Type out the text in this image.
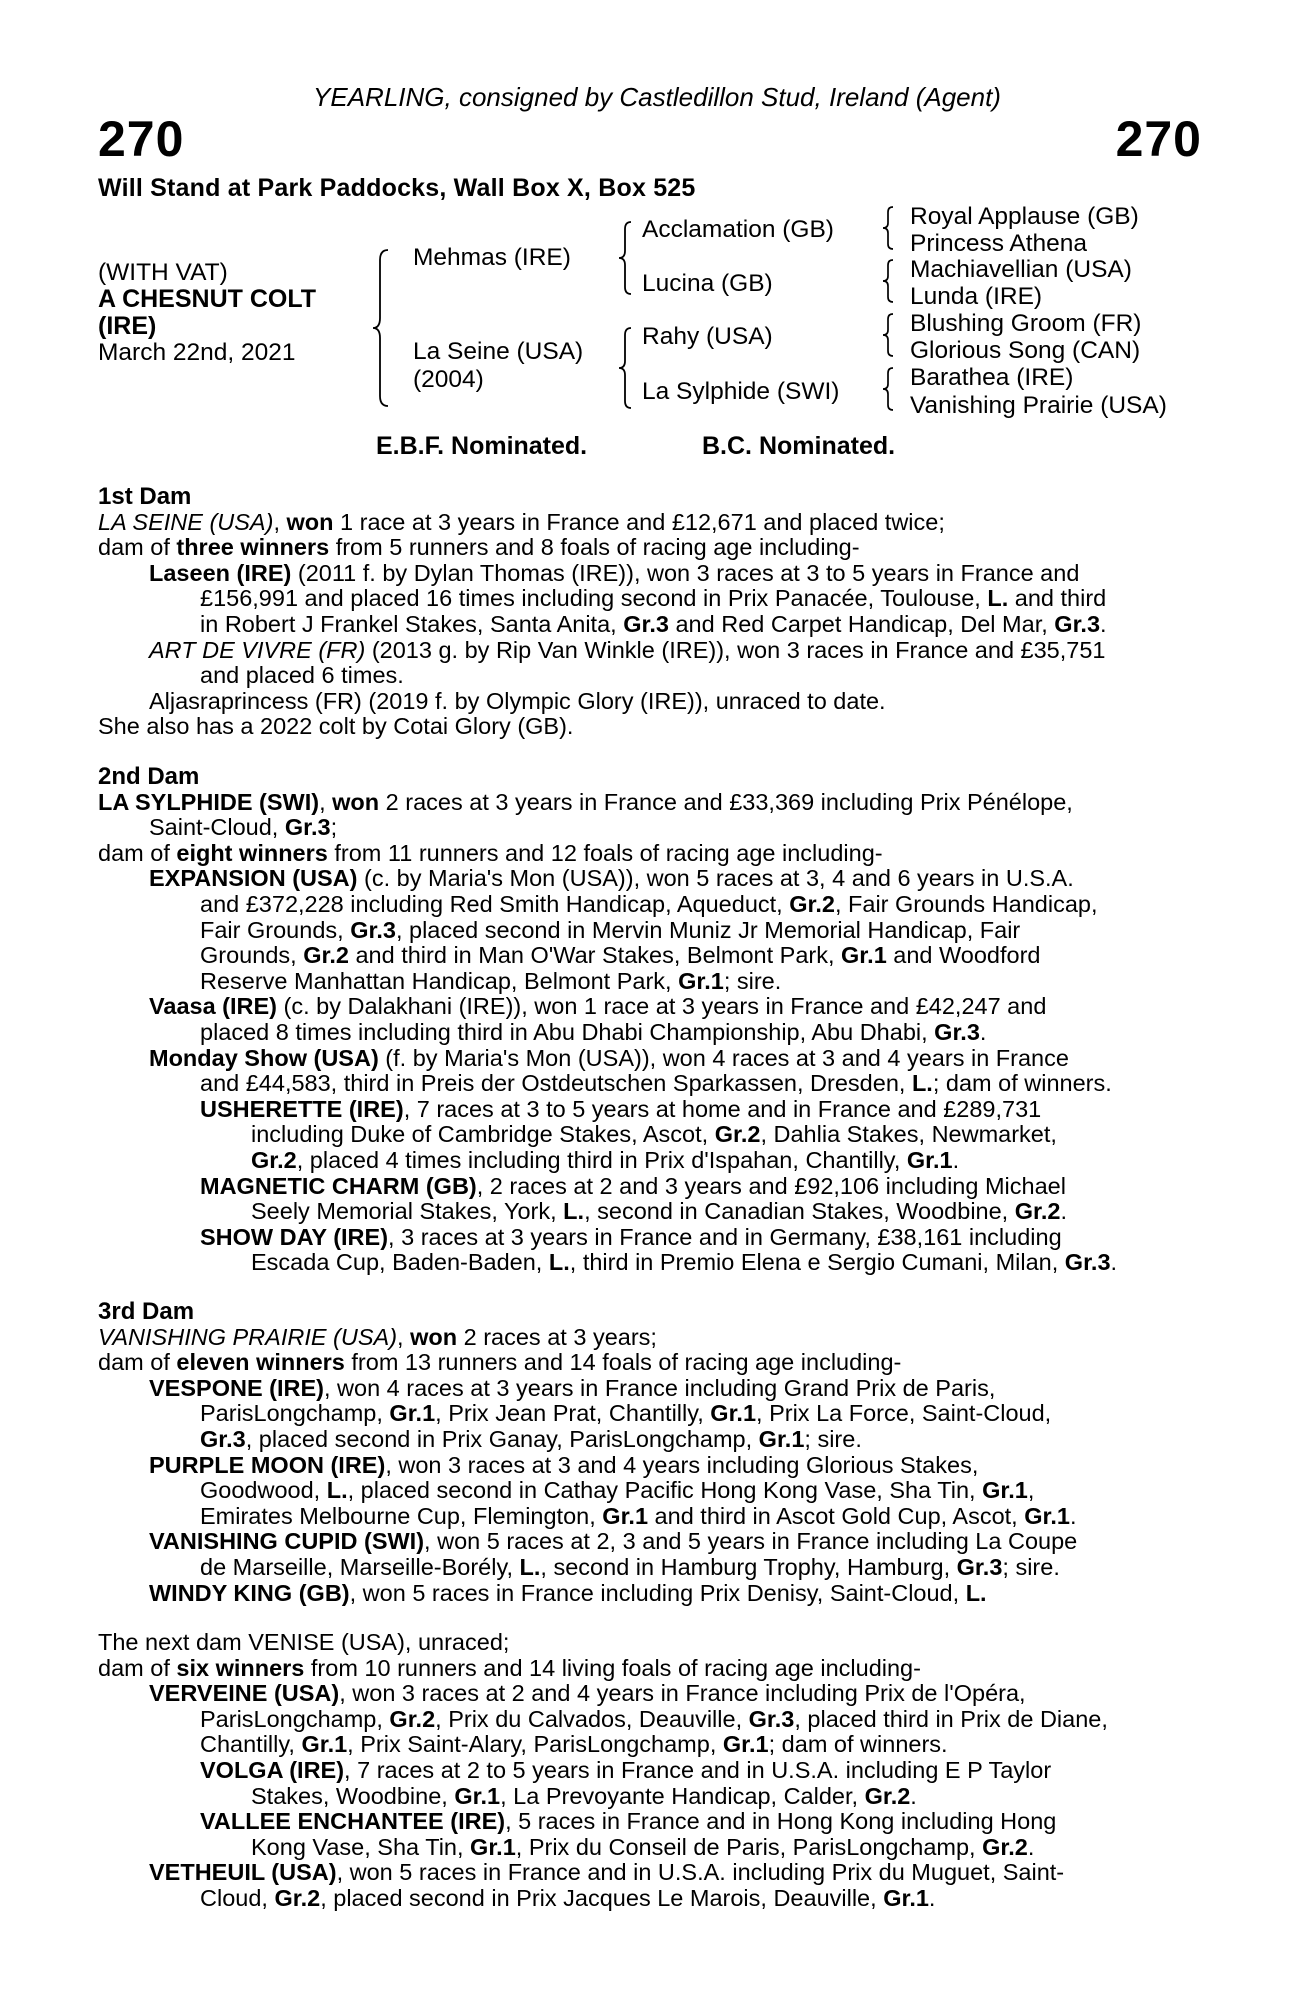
YEARLING, consigned by Castledillon Stud, Ireland (Agent)
270	270
Will Stand at Park Paddocks, Wall Box X, Box 525
(WITH VAT)
A CHESNUT COLT
(IRE)
March 22nd, 2021
Mehmas (IRE)
La Seine (USA)
(2004)
Acclamation (GB)
Lucina (GB)
Rahy (USA)
La Sylphide (SWI)
Royal Applause (GB)
Princess Athena
Machiavellian (USA)
Lunda (IRE)
Blushing Groom (FR)
Glorious Song (CAN)
Barathea (IRE)
Vanishing Prairie (USA)
E.B.F. Nominated.	B.C. Nominated.
1st Dam
LA SEINE (USA), won 1 race at 3 years in France and £12,671 and placed twice;
dam of three winners from 5 runners and 8 foals of racing age including-
Laseen (IRE) (2011 f. by Dylan Thomas (IRE)), won 3 races at 3 to 5 years in France and
£156,991 and placed 16 times including second in Prix Panacée, Toulouse, L. and third
in Robert J Frankel Stakes, Santa Anita, Gr.3 and Red Carpet Handicap, Del Mar, Gr.3.
ART DE VIVRE (FR) (2013 g. by Rip Van Winkle (IRE)), won 3 races in France and £35,751
and placed 6 times.
Aljasraprincess (FR) (2019 f. by Olympic Glory (IRE)), unraced to date.
She also has a 2022 colt by Cotai Glory (GB).
2nd Dam
LA SYLPHIDE (SWI), won 2 races at 3 years in France and £33,369 including Prix Pénélope,
Saint-Cloud, Gr.3;
dam of eight winners from 11 runners and 12 foals of racing age including-
EXPANSION (USA) (c. by Maria's Mon (USA)), won 5 races at 3, 4 and 6 years in U.S.A.
and £372,228 including Red Smith Handicap, Aqueduct, Gr.2, Fair Grounds Handicap,
Fair Grounds, Gr.3, placed second in Mervin Muniz Jr Memorial Handicap, Fair
Grounds, Gr.2 and third in Man O'War Stakes, Belmont Park, Gr.1 and Woodford
Reserve Manhattan Handicap, Belmont Park, Gr.1; sire.
Vaasa (IRE) (c. by Dalakhani (IRE)), won 1 race at 3 years in France and £42,247 and
placed 8 times including third in Abu Dhabi Championship, Abu Dhabi, Gr.3.
Monday Show (USA) (f. by Maria's Mon (USA)), won 4 races at 3 and 4 years in France
and £44,583, third in Preis der Ostdeutschen Sparkassen, Dresden, L.; dam of winners.
USHERETTE (IRE), 7 races at 3 to 5 years at home and in France and £289,731
including Duke of Cambridge Stakes, Ascot, Gr.2, Dahlia Stakes, Newmarket,
Gr.2, placed 4 times including third in Prix d'Ispahan, Chantilly, Gr.1.
MAGNETIC CHARM (GB), 2 races at 2 and 3 years and £92,106 including Michael
Seely Memorial Stakes, York, L., second in Canadian Stakes, Woodbine, Gr.2.
SHOW DAY (IRE), 3 races at 3 years in France and in Germany, £38,161 including
Escada Cup, Baden-Baden, L., third in Premio Elena e Sergio Cumani, Milan, Gr.3.
3rd Dam
VANISHING PRAIRIE (USA), won 2 races at 3 years;
dam of eleven winners from 13 runners and 14 foals of racing age including-
VESPONE (IRE), won 4 races at 3 years in France including Grand Prix de Paris,
ParisLongchamp, Gr.1, Prix Jean Prat, Chantilly, Gr.1, Prix La Force, Saint-Cloud,
Gr.3, placed second in Prix Ganay, ParisLongchamp, Gr.1; sire.
PURPLE MOON (IRE), won 3 races at 3 and 4 years including Glorious Stakes,
Goodwood, L., placed second in Cathay Pacific Hong Kong Vase, Sha Tin, Gr.1,
Emirates Melbourne Cup, Flemington, Gr.1 and third in Ascot Gold Cup, Ascot, Gr.1.
VANISHING CUPID (SWI), won 5 races at 2, 3 and 5 years in France including La Coupe
de Marseille, Marseille-Borély, L., second in Hamburg Trophy, Hamburg, Gr.3; sire.
WINDY KING (GB), won 5 races in France including Prix Denisy, Saint-Cloud, L.
The next dam VENISE (USA), unraced;
dam of six winners from 10 runners and 14 living foals of racing age including-
VERVEINE (USA), won 3 races at 2 and 4 years in France including Prix de l'Opéra,
ParisLongchamp, Gr.2, Prix du Calvados, Deauville, Gr.3, placed third in Prix de Diane,
Chantilly, Gr.1, Prix Saint-Alary, ParisLongchamp, Gr.1; dam of winners.
VOLGA (IRE), 7 races at 2 to 5 years in France and in U.S.A. including E P Taylor
Stakes, Woodbine, Gr.1, La Prevoyante Handicap, Calder, Gr.2.
VALLEE ENCHANTEE (IRE), 5 races in France and in Hong Kong including Hong
Kong Vase, Sha Tin, Gr.1, Prix du Conseil de Paris, ParisLongchamp, Gr.2.
VETHEUIL (USA), won 5 races in France and in U.S.A. including Prix du Muguet, Saint-
Cloud, Gr.2, placed second in Prix Jacques Le Marois, Deauville, Gr.1.
